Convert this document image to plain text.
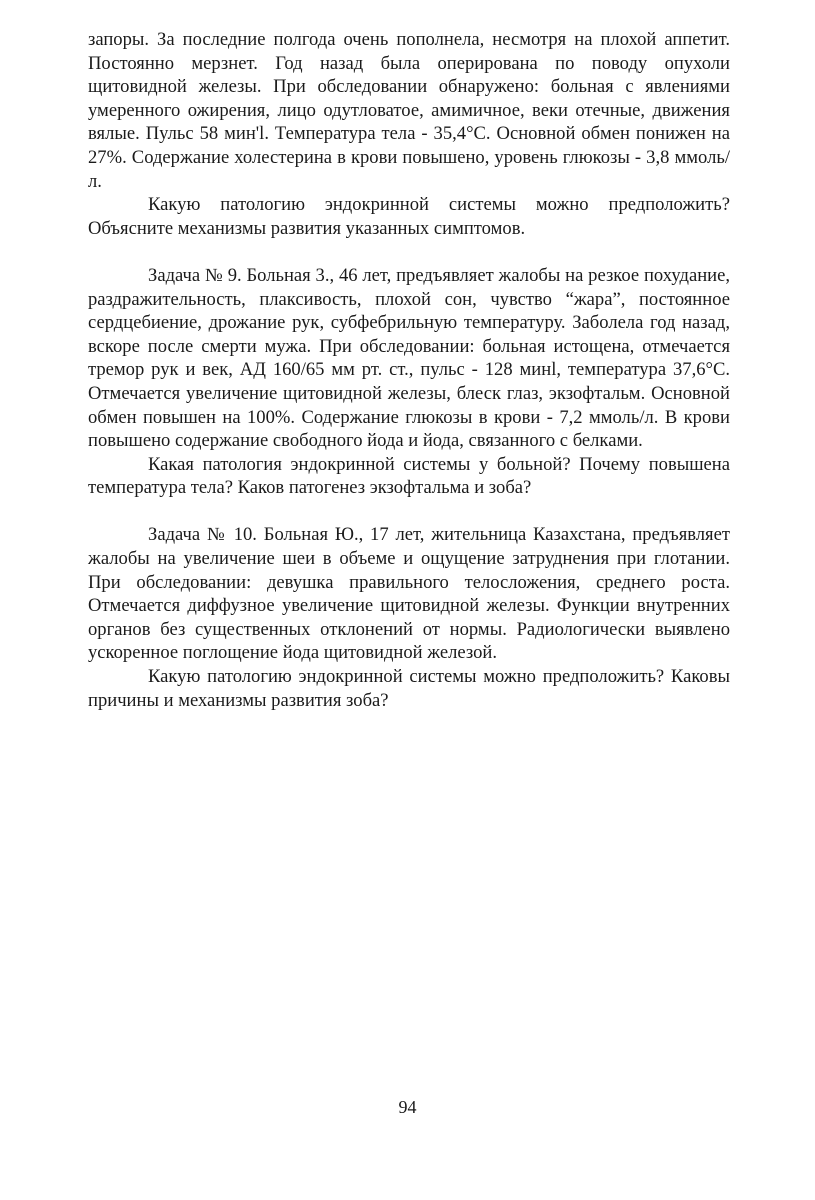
запоры. За последние полгода очень пополнела, несмотря на плохой аппетит. Постоянно мерзнет. Год назад была оперирована по поводу опухоли щитовидной железы. При обследовании обнаружено: больная с явлениями умеренного ожирения, лицо одутловатое, амимичное, веки отечные, движения вялые. Пульс 58 мин'l. Температура тела - 35,4°С. Основной обмен понижен на 27%. Содержание холестерина в крови повышено, уровень глюкозы - 3,8 ммоль/л.

Какую патологию эндокринной системы можно предположить? Объясните механизмы развития указанных симптомов.

Задача № 9. Больная 3., 46 лет, предъявляет жалобы на резкое похудание, раздражительность, плаксивость, плохой сон, чувство “жара”, постоянное сердцебиение, дрожание рук, субфебрильную температуру. Заболела год назад, вскоре после смерти мужа. При обследовании: больная истощена, отмечается тремор рук и век, АД 160/65 мм рт. ст., пульс - 128 минl, температура 37,6°С. Отмечается увеличение щитовидной железы, блеск глаз, экзофтальм. Основной обмен повышен на 100%. Содержание глюкозы в крови - 7,2 ммоль/л. В крови повышено содержание свободного йода и йода, связанного с белками.

Какая патология эндокринной системы у больной? Почему повышена температура тела? Каков патогенез экзофтальма и зоба?

Задача № 10. Больная Ю., 17 лет, жительница Казахстана, предъявляет жалобы на увеличение шеи в объеме и ощущение затруднения при глотании. При обследовании: девушка правильного телосложения, среднего роста. Отмечается диффузное увеличение щитовидной железы. Функции внутренних органов без существенных отклонений от нормы. Радиологически выявлено ускоренное поглощение йода щитовидной железой.

Какую патологию эндокринной системы можно предположить? Каковы причины и механизмы развития зоба?

94
